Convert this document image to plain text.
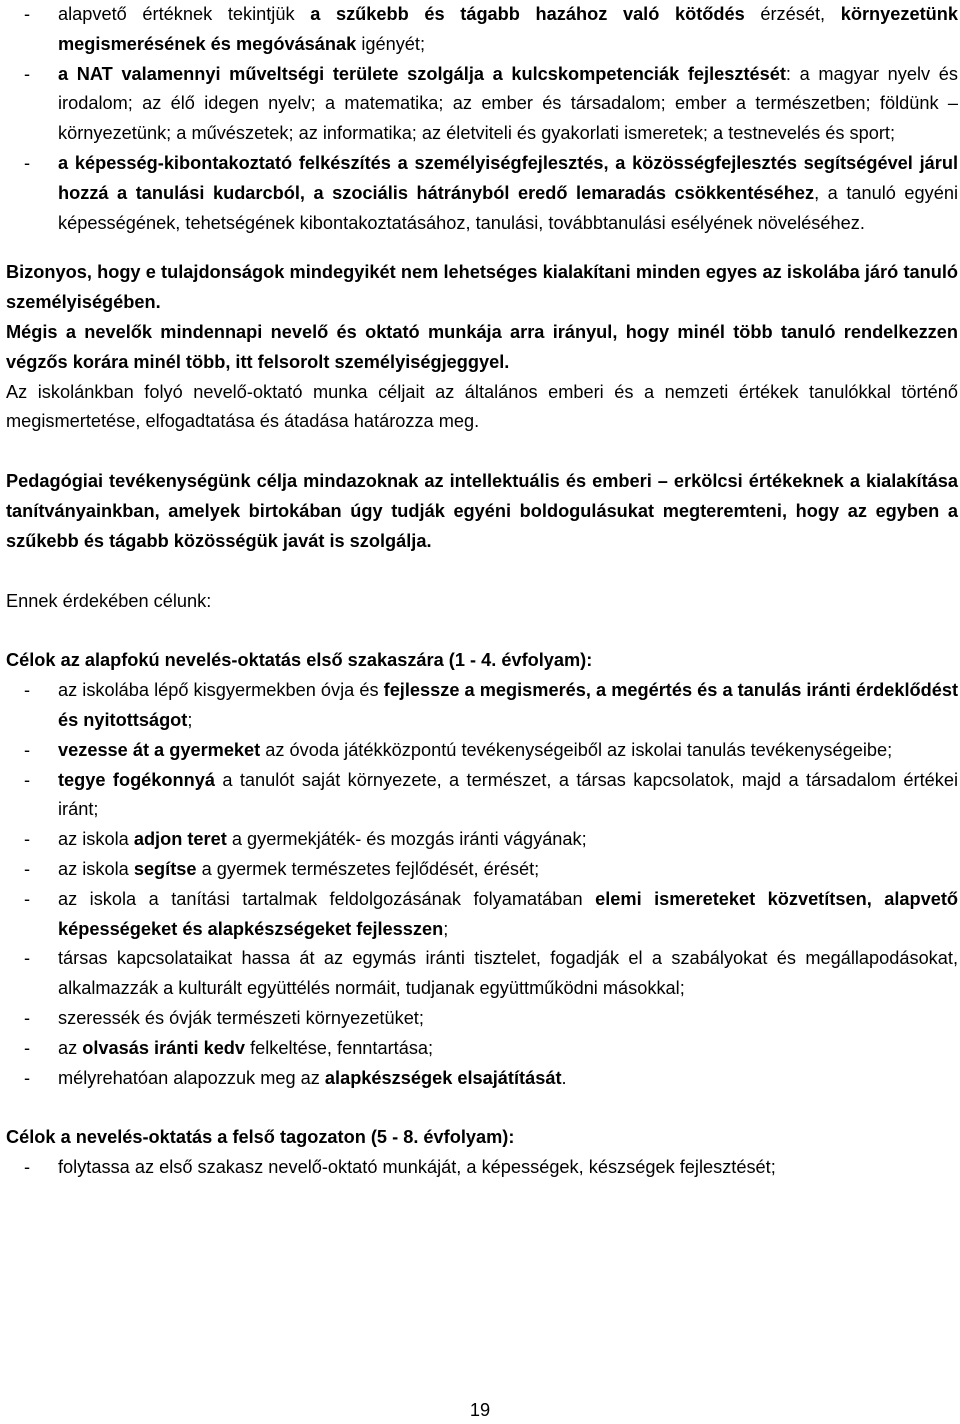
- alapvető értéknek tekintjük a szűkebb és tágabb hazához való kötődés érzését, környezetünk megismerésének és megóvásának igényét;
- a NAT valamennyi műveltségi területe szolgálja a kulcskompetenciák fejlesztését: a magyar nyelv és irodalom; az élő idegen nyelv; a matematika; az ember és társadalom; ember a természetben; földünk – környezetünk; a művészetek; az informatika; az életviteli és gyakorlati ismeretek; a testnevelés és sport;
- a képesség-kibontakoztató felkészítés a személyiségfejlesztés, a közösségfejlesztés segítségével járul hozzá a tanulási kudarcból, a szociális hátrányból eredő lemaradás csökkentéséhez, a tanuló egyéni képességének, tehetségének kibontakoztatásához, tanulási, továbbtanulási esélyének növeléséhez.

Bizonyos, hogy e tulajdonságok mindegyikét nem lehetséges kialakítani minden egyes az iskolába járó tanuló személyiségében.

Mégis a nevelők mindennapi nevelő és oktató munkája arra irányul, hogy minél több tanuló rendelkezzen végzős korára minél több, itt felsorolt személyiségjeggyel.

Az iskolánkban folyó nevelő-oktató munka céljait az általános emberi és a nemzeti értékek tanulókkal történő megismertetése, elfogadtatása és átadása határozza meg.

Pedagógiai tevékenységünk célja mindazoknak az intellektuális és emberi – erkölcsi értékeknek a kialakítása tanítványainkban, amelyek birtokában úgy tudják egyéni boldogulásukat megteremteni, hogy az egyben a szűkebb és tágabb közösségük javát is szolgálja.

Ennek érdekében célunk:

Célok az alapfokú nevelés-oktatás első szakaszára (1 - 4. évfolyam):

- az iskolába lépő kisgyermekben óvja és fejlessze a megismerés, a megértés és a tanulás iránti érdeklődést és nyitottságot;
- vezesse át a gyermeket az óvoda játékközpontú tevékenységeiből az iskolai tanulás tevékenységeibe;
- tegye fogékonnyá a tanulót saját környezete, a természet, a társas kapcsolatok, majd a társadalom értékei iránt;
- az iskola adjon teret a gyermekjáték- és mozgás iránti vágyának;
- az iskola segítse a gyermek természetes fejlődését, érését;
- az iskola a tanítási tartalmak feldolgozásának folyamatában elemi ismereteket közvetítsen, alapvető képességeket és alapkészségeket fejlesszen;
- társas kapcsolataikat hassa át az egymás iránti tisztelet, fogadják el a szabályokat és megállapodásokat, alkalmazzák a kulturált együttélés normáit, tudjanak együttműködni másokkal;
- szeressék és óvják természeti környezetüket;
- az olvasás iránti kedv felkeltése, fenntartása;
- mélyrehatóan alapozzuk meg az alapkészségek elsajátítását.

Célok a nevelés-oktatás a felső tagozaton (5 - 8. évfolyam):

- folytassa az első szakasz nevelő-oktató munkáját, a képességek, készségek fejlesztését;
19
